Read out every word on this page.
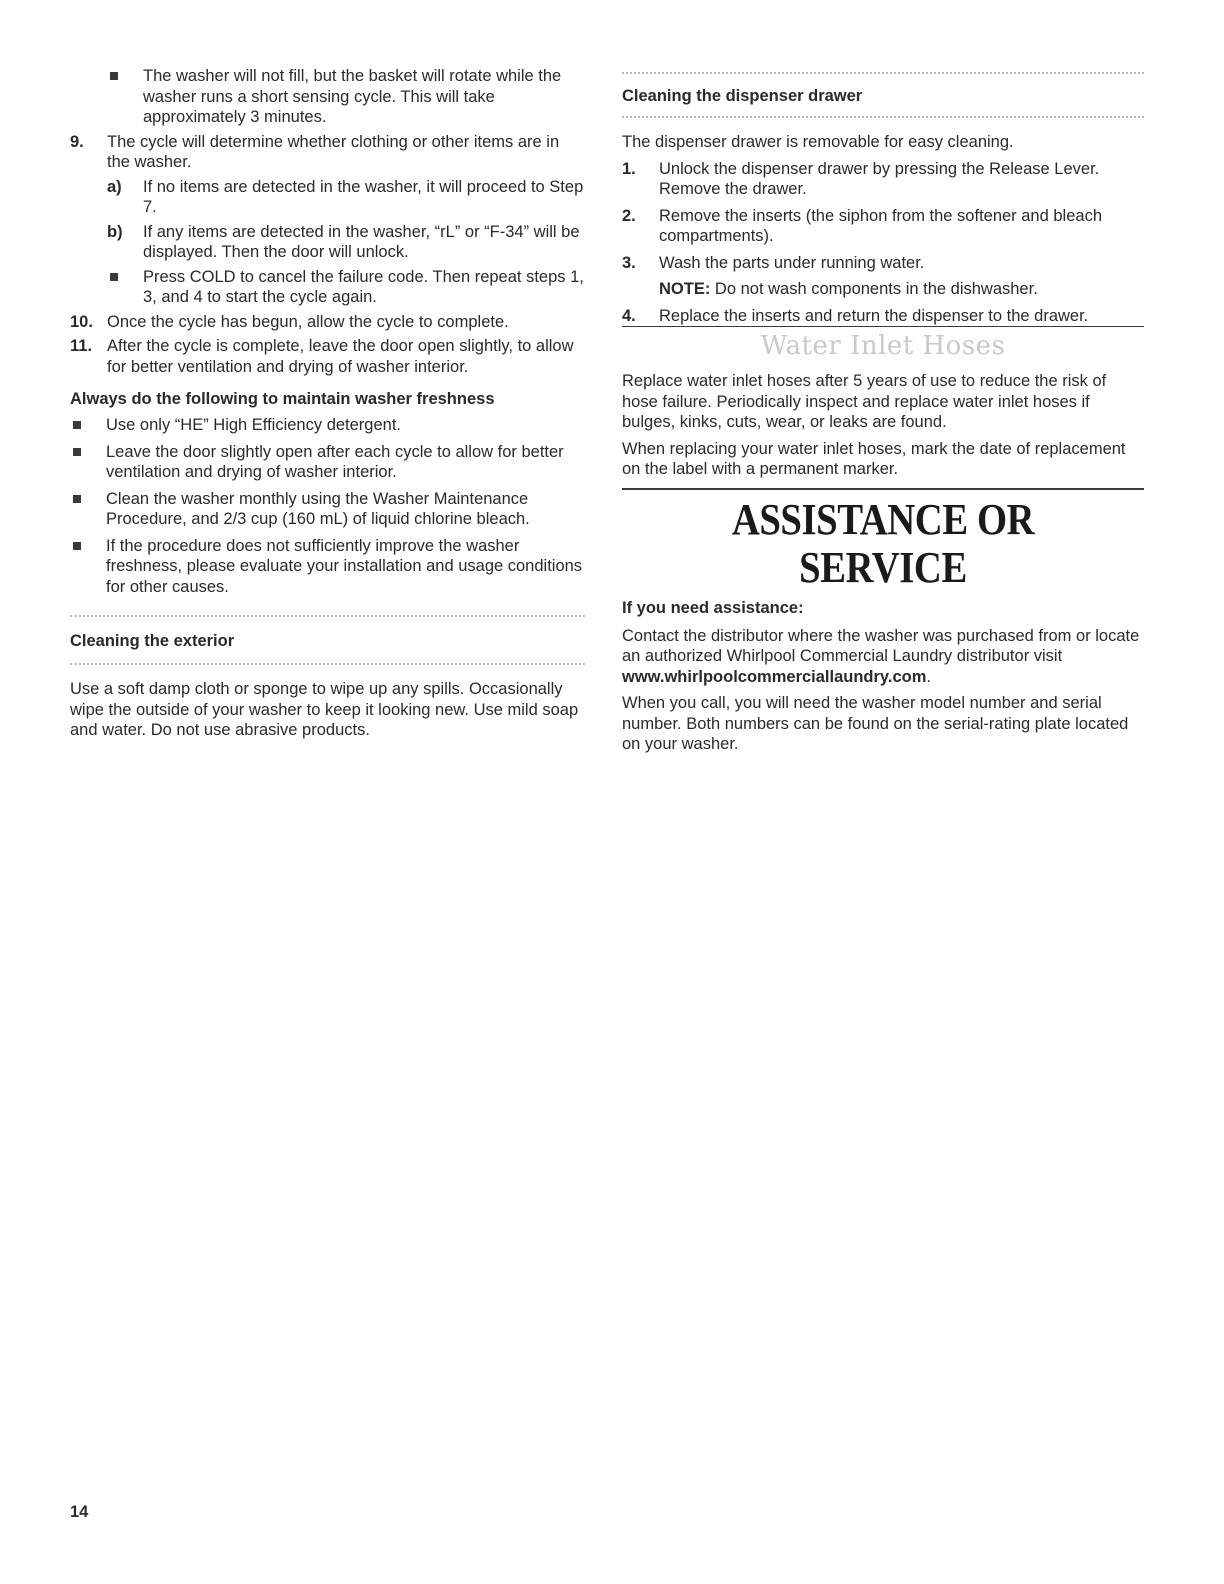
The washer will not fill, but the basket will rotate while the washer runs a short sensing cycle. This will take approximately 3 minutes.
9.	The cycle will determine whether clothing or other items are in the washer.
a)	If no items are detected in the washer, it will proceed to Step 7.
b)	If any items are detected in the washer, “rL” or “F-34” will be displayed. Then the door will unlock.
Press COLD to cancel the failure code. Then repeat steps 1, 3, and 4 to start the cycle again.
10. Once the cycle has begun, allow the cycle to complete.
11. After the cycle is complete, leave the door open slightly, to allow for better ventilation and drying of washer interior.
Always do the following to maintain washer freshness
Use only “HE” High Efficiency detergent.
Leave the door slightly open after each cycle to allow for better ventilation and drying of washer interior.
Clean the washer monthly using the Washer Maintenance Procedure, and 2/3 cup (160 mL) of liquid chlorine bleach.
If the procedure does not sufficiently improve the washer freshness, please evaluate your installation and usage conditions for other causes.
Cleaning the exterior

Use a soft damp cloth or sponge to wipe up any spills. Occasionally wipe the outside of your washer to keep it looking new. Use mild soap and water. Do not use abrasive products.

Cleaning the dispenser drawer

The dispenser drawer is removable for easy cleaning.

1.	Unlock the dispenser drawer by pressing the Release Lever. Remove the drawer.
2.	Remove the inserts (the siphon from the softener and bleach compartments).
3.	Wash the parts under running water.

NOTE: Do not wash components in the dishwasher.

4.	Replace the inserts and return the dispenser to the drawer.
Water Inlet Hoses

Replace water inlet hoses after 5 years of use to reduce the risk of hose failure. Periodically inspect and replace water inlet hoses if bulges, kinks, cuts, wear, or leaks are found.

When replacing your water inlet hoses, mark the date of replacement on the label with a permanent marker.

ASSISTANCE OR SERVICE
If you need assistance:

Contact the distributor where the washer was purchased from or locate an authorized Whirlpool Commercial Laundry distributor visit www.whirlpoolcommerciallaundry.com.

When you call, you will need the washer model number and serial number. Both numbers can be found on the serial-rating plate located on your washer.

14
